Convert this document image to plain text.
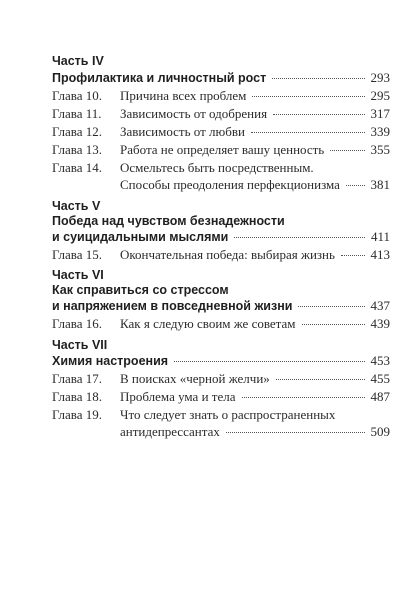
Часть IV
Профилактика и личностный рост	293
Глава 10.	Причина всех проблем	295
Глава 11.	Зависимость от одобрения	317
Глава 12.	Зависимость от любви	339
Глава 13.	Работа не определяет вашу ценность	355
Глава 14.	Осмельтесь быть посредственным.
Способы преодоления перфекционизма 381
Часть V
Победа над чувством безнадежности
и суицидальными мыслями	411
Глава 15.	Окончательная победа: выбирая жизнь	413
Часть VI
Как справиться со стрессом
и напряжением в повседневной жизни	437
Глава 16.	Как я следую своим же советам	439
Часть VII
Химия настроения	453
Глава 17.	В поисках «черной желчи»	455
Глава 18.	Проблема ума и тела	487
Глава 19.	Что следует знать о распространенных
антидепрессантах	509
